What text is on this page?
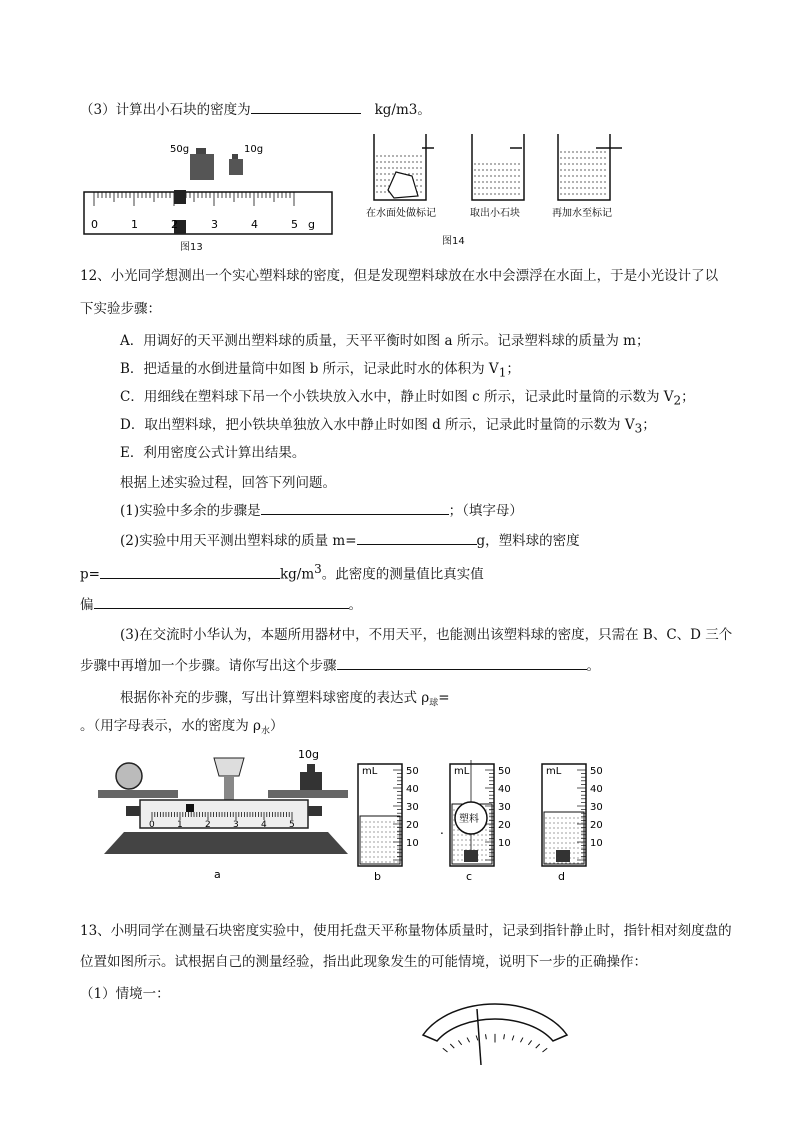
（3）计算出小石块的密度为	kg/m3。
50g	10g
0	1	2	3	4	5 g
图13
在水面处做标记	取出小石块	再加水至标记
图14
12、小光同学想测出一个实心塑料球的密度，但是发现塑料球放在水中会漂浮在水面上，于是小光设计了以
下实验步骤：
A．用调好的天平测出塑料球的质量，天平平衡时如图 a 所示。记录塑料球的质量为 m；
B．把适量的水倒进量筒中如图 b 所示，记录此时水的体积为 $V_1$；
C．用细线在塑料球下吊一个小铁块放入水中，静止时如图 c 所示，记录此时量筒的示数为 $V_2$；
D．取出塑料球，把小铁块单独放入水中静止时如图 d 所示，记录此时量筒的示数为 $V_3$；
E．利用密度公式计算出结果。
根据上述实验过程，回答下列问题。
(1)实验中多余的步骤是	；（填字母）
(2)实验中用天平测出塑料球的质量 m=	g，塑料球的密度
p=	$kg/m^3$。此密度的测量值比真实值
偏	。
(3)在交流时小华认为，本题所用器材中，不用天平，也能测出该塑料球的密度，只需在 B、C、D 三个
步骤中再增加一个步骤。请你写出这个步骤	。
根据你补充的步骤，写出计算塑料球密度的表达式 $\rho_球=$
。（用字母表示，水的密度为 $\rho_水$）
10g
0 1 2 3 4 5
a
mL	50
40
30
20
10
b
mL	50
40
30
20
10
塑料
c
mL	50
40
30
20
10
d
.
13、小明同学在测量石块密度实验中，使用托盘天平称量物体质量时，记录到指针静止时，指针相对刻度盘的
位置如图所示。试根据自己的测量经验，指出此现象发生的可能情境，说明下一步的正确操作：
（1）情境一：
